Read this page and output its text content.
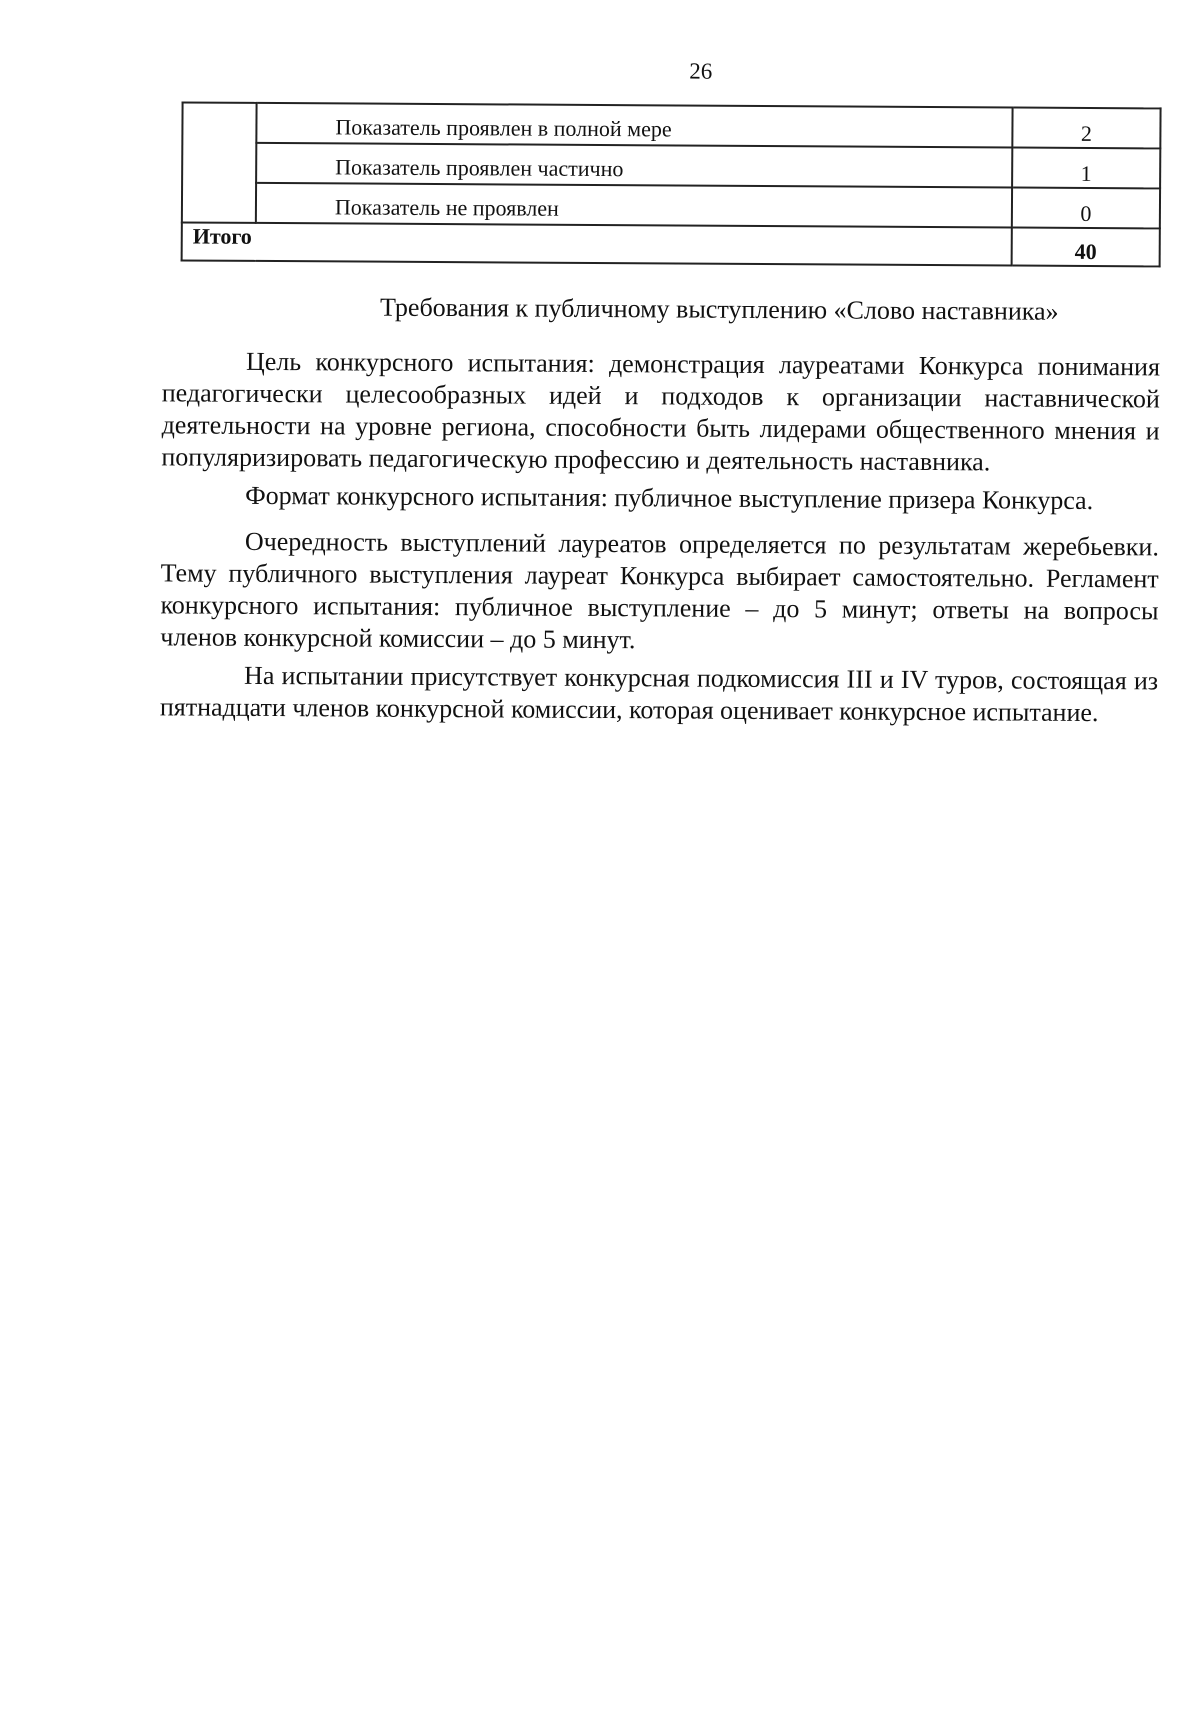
26
	Показатель проявлен в полной мере	2
	Показатель проявлен частично	1
	Показатель не проявлен	0
Итого		40
Требования к публичному выступлению «Слово наставника»

Цель конкурсного испытания: демонстрация лауреатами Конкурса понимания педагогически целесообразных идей и подходов к организации наставнической деятельности на уровне региона, способности быть лидерами общественного мнения и популяризировать педагогическую профессию и деятельность наставника.

Формат конкурсного испытания: публичное выступление призера Конкурса.

Очередность выступлений лауреатов определяется по результатам жеребьевки. Тему публичного выступления лауреат Конкурса выбирает самостоятельно. Регламент конкурсного испытания: публичное выступление – до 5 минут; ответы на вопросы членов конкурсной комиссии – до 5 минут.

На испытании присутствует конкурсная подкомиссия III и IV туров, состоящая из пятнадцати членов конкурсной комиссии, которая оценивает конкурсное испытание.
